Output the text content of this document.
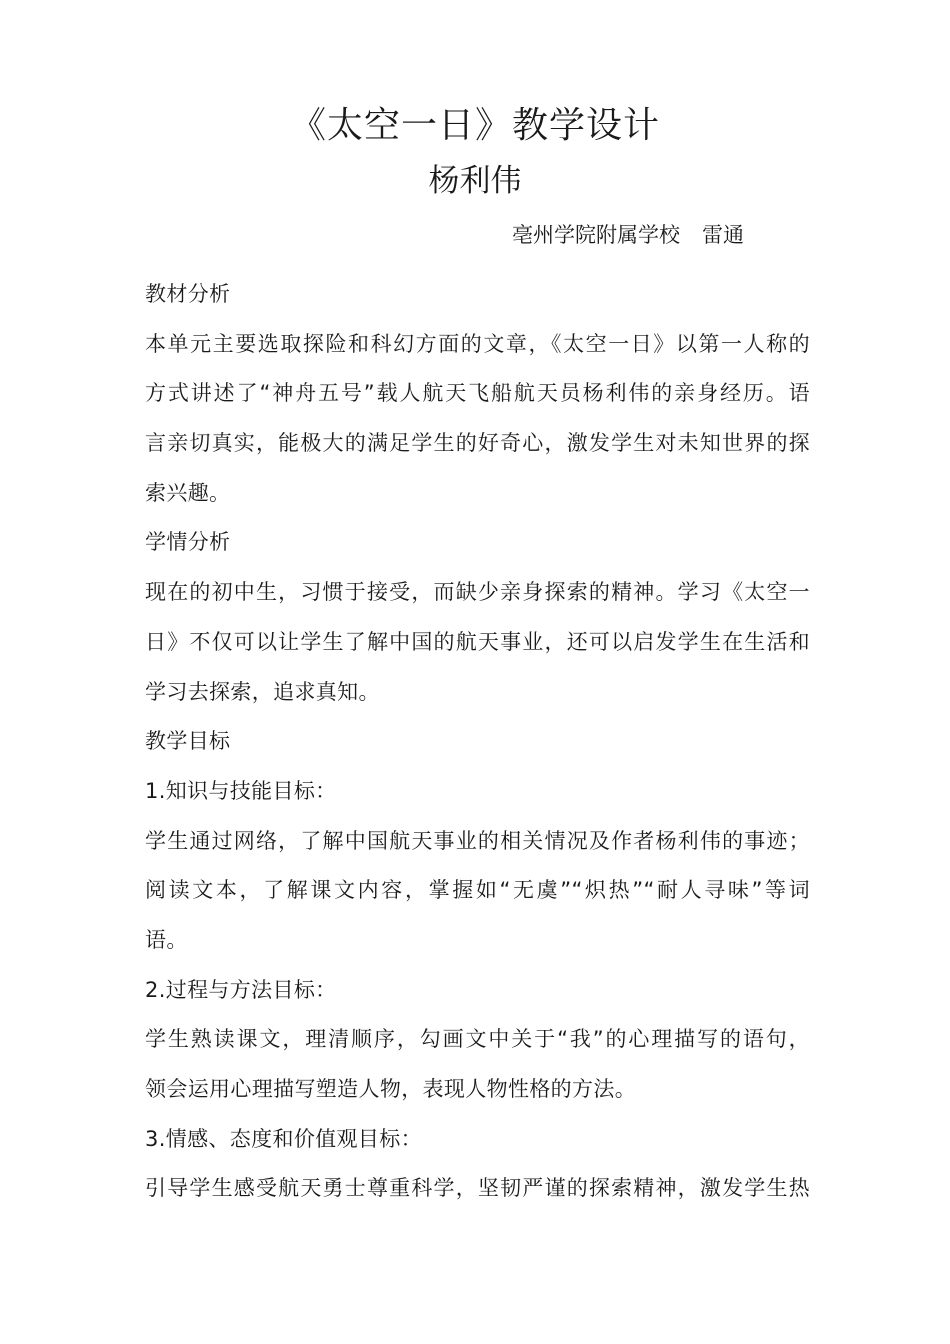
《太空一日》教学设计
杨利伟
亳州学院附属学校 雷通
教材分析
本单元主要选取探险和科幻方面的文章，《太空一日》以第一人称的
方式讲述了“神舟五号”载人航天飞船航天员杨利伟的亲身经历。语
言亲切真实，能极大的满足学生的好奇心，激发学生对未知世界的探
索兴趣。
学情分析
现在的初中生，习惯于接受，而缺少亲身探索的精神。学习《太空一
日》不仅可以让学生了解中国的航天事业，还可以启发学生在生活和
学习去探索，追求真知。
教学目标
1.知识与技能目标：
学生通过网络，了解中国航天事业的相关情况及作者杨利伟的事迹；
阅读文本，了解课文内容，掌握如“无虞”“炽热”“耐人寻味”等词
语。
2.过程与方法目标：
学生熟读课文，理清顺序，勾画文中关于“我”的心理描写的语句，
领会运用心理描写塑造人物，表现人物性格的方法。
3.情感、态度和价值观目标：
引导学生感受航天勇士尊重科学，坚韧严谨的探索精神，激发学生热
